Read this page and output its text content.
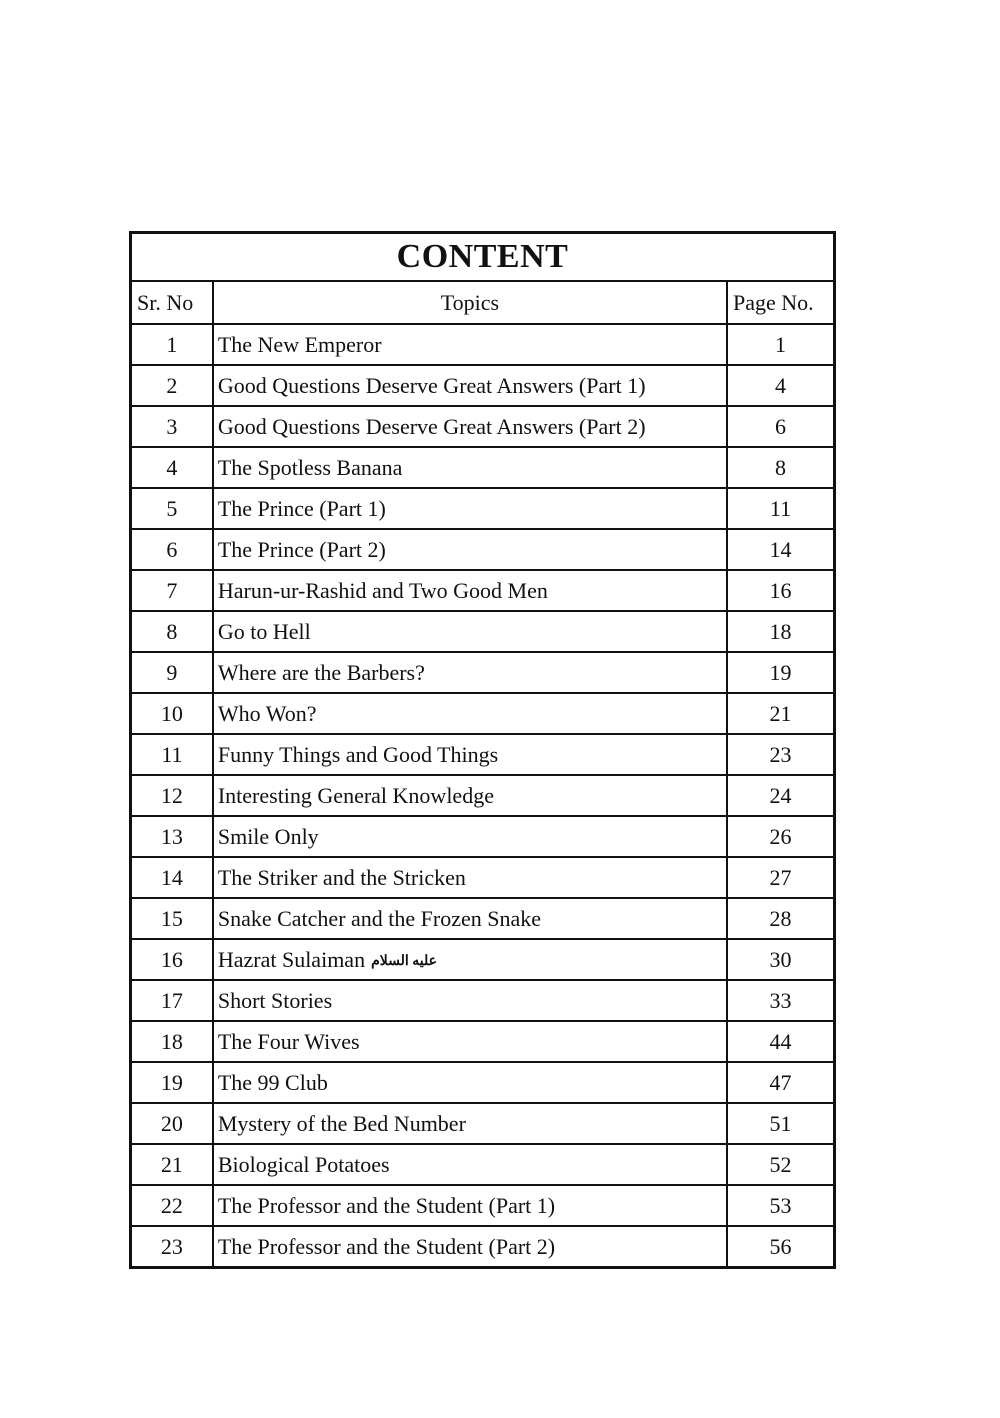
CONTENT		
Sr. No	Topics	Page No.
1	The New Emperor	1
2	Good Questions Deserve Great Answers (Part 1)	4
3	Good Questions Deserve Great Answers (Part 2)	6
4	The Spotless Banana	8
5	The Prince (Part 1)	11
6	The Prince (Part 2)	14
7	Harun-ur-Rashid and Two Good Men	16
8	Go to Hell	18
9	Where are the Barbers?	19
10	Who Won?	21
11	Funny Things and Good Things	23
12	Interesting General Knowledge	24
13	Smile Only	26
14	The Striker and the Stricken	27
15	Snake Catcher and the Frozen Snake	28
16	Hazrat Sulaiman عليه السلام	30
17	Short Stories	33
18	The Four Wives	44
19	The 99 Club	47
20	Mystery of the Bed Number	51
21	Biological Potatoes	52
22	The Professor and the Student (Part 1)	53
23	The Professor and the Student (Part 2)	56
